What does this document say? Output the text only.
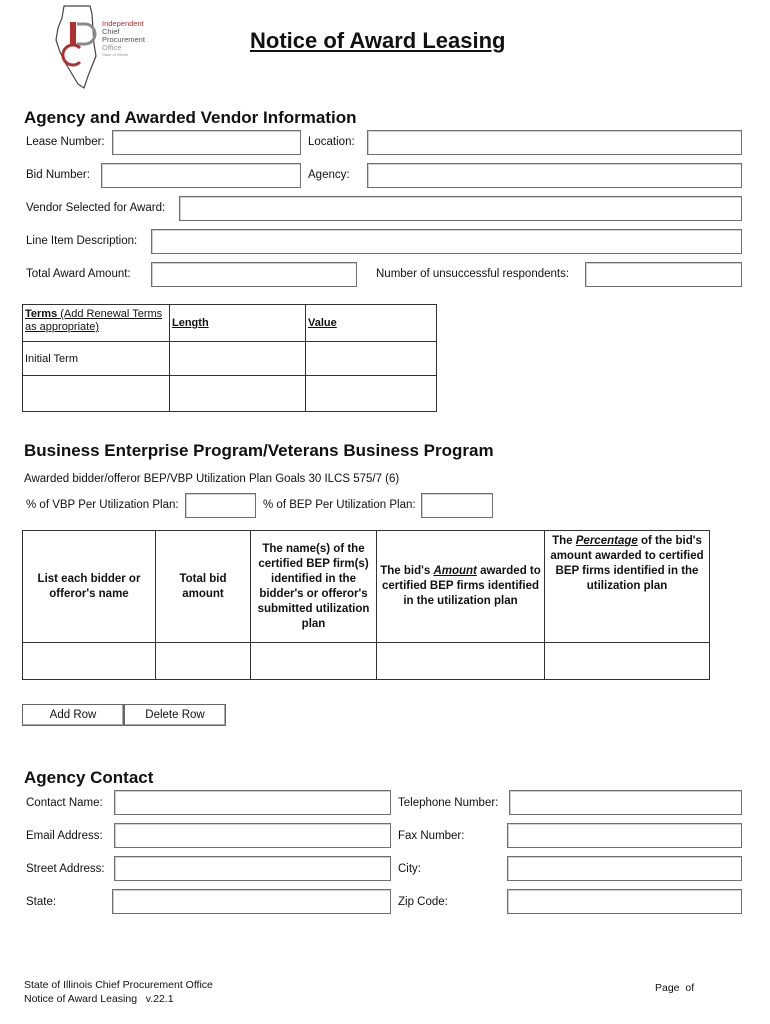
Independent
Chief
Procurement
Office
State of Illinois
Notice of Award Leasing
Agency and Awarded Vendor Information
Lease Number:	Location:
Bid Number:	Agency:
Vendor Selected for Award:
Line Item Description:
Total Award Amount:	Number of unsuccessful respondents:
Terms (Add Renewal Terms as appropriate)	Length	Value
Initial Term		

Business Enterprise Program/Veterans Business Program
Awarded bidder/offeror BEP/VBP Utilization Plan Goals 30 ILCS 575/7 (6)
% of VBP Per Utilization Plan:	% of BEP Per Utilization Plan:
List each bidder or offeror's name	Total bid amount	The name(s) of the certified BEP firm(s) identified in the bidder's or offeror's submitted utilization plan	The bid's Amount awarded to certified BEP firms identified in the utilization plan	The Percentage of the bid's amount awarded to certified BEP firms identified in the utilization plan

Add Row	Delete Row
Agency Contact
Contact Name:	Telephone Number:
Email Address:	Fax Number:
Street Address:	City:
State:	Zip Code:
State of Illinois Chief Procurement Office
Notice of Award Leasing   v.22.1
Page  of
